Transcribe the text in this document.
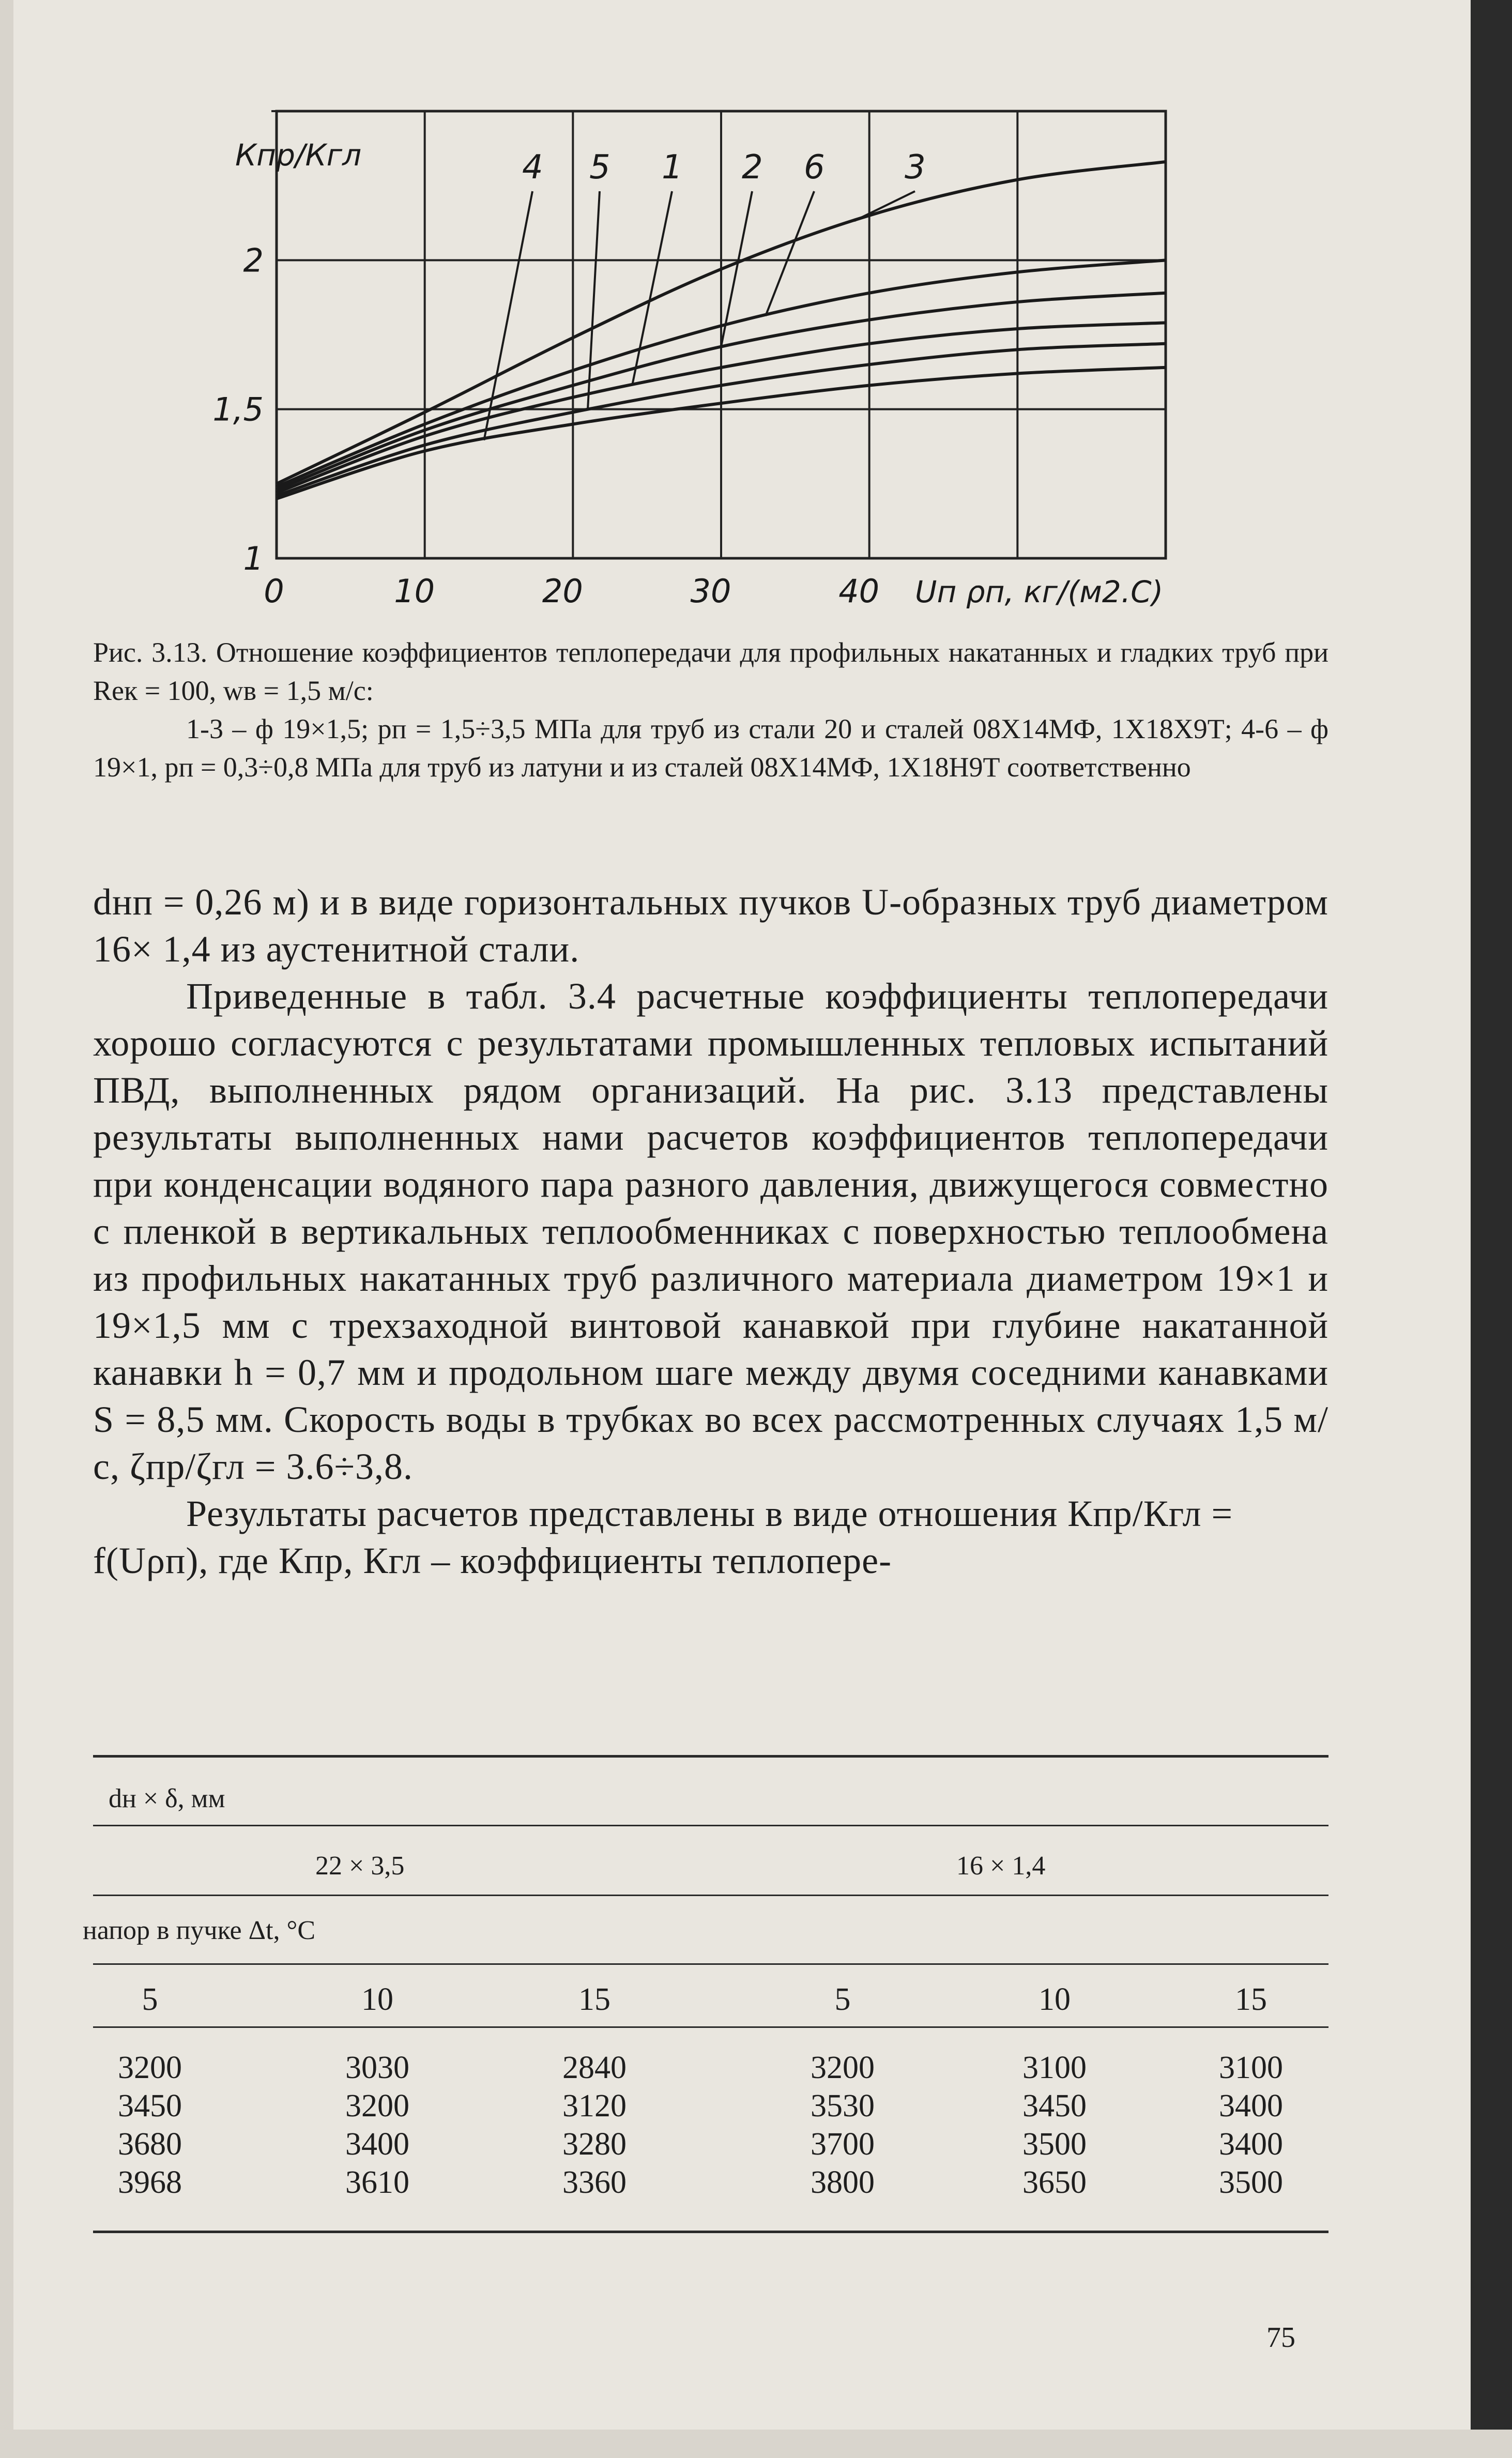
4 5 1 2 6 3
1
1,5
2
0	10	20	30	40
Кпр/Кгл
Uп ρп, кг/(м2.С)

Рис. 3.13. Отношение коэффициентов теплопередачи для профильных накатанных и гладких труб при Reк = 100, wв = 1,5 м/с:

1-3 – ф 19×1,5; pп = 1,5÷3,5 МПа для труб из стали 20 и сталей 08Х14МФ, 1Х18Х9Т; 4-6 – ф 19×1, pп = 0,3÷0,8 МПа для труб из латуни и из сталей 08Х14МФ, 1Х18Н9Т соответственно

dнп = 0,26 м) и в виде горизонтальных пучков U-образных труб диаметром 16× 1,4 из аустенитной стали.

Приведенные в табл. 3.4 расчетные коэффициенты теплопередачи хорошо согласуются с результатами промышленных тепловых испытаний ПВД, выполненных рядом организаций. На рис. 3.13 представлены результаты выполненных нами расчетов коэффициентов теплопередачи при конденсации водяного пара разного давления, движущегося совместно с пленкой в вертикальных теплообменниках с поверхностью теплообмена из профильных накатанных труб различного материала диаметром 19×1 и 19×1,5 мм с трехзаходной винтовой канавкой при глубине накатанной канавки h = 0,7 мм и продольном шаге между двумя соседними канавками S = 8,5 мм. Скорость воды в трубках во всех рассмотренных случаях 1,5 м/с, ζпр/ζгл = 3.6÷3,8.

Результаты расчетов представлены в виде отношения Кпр/Кгл = f(Uρп), где Кпр, Кгл – коэффициенты теплопере-

dн × δ, мм
22 × 3,5	16 × 1,4
напор в пучке Δt, °C
5	10	15	5	10	15
3200	3030	2840	3200	3100	3100
3450	3200	3120	3530	3450	3400
3680	3400	3280	3700	3500	3400
3968	3610	3360	3800	3650	3500
75
